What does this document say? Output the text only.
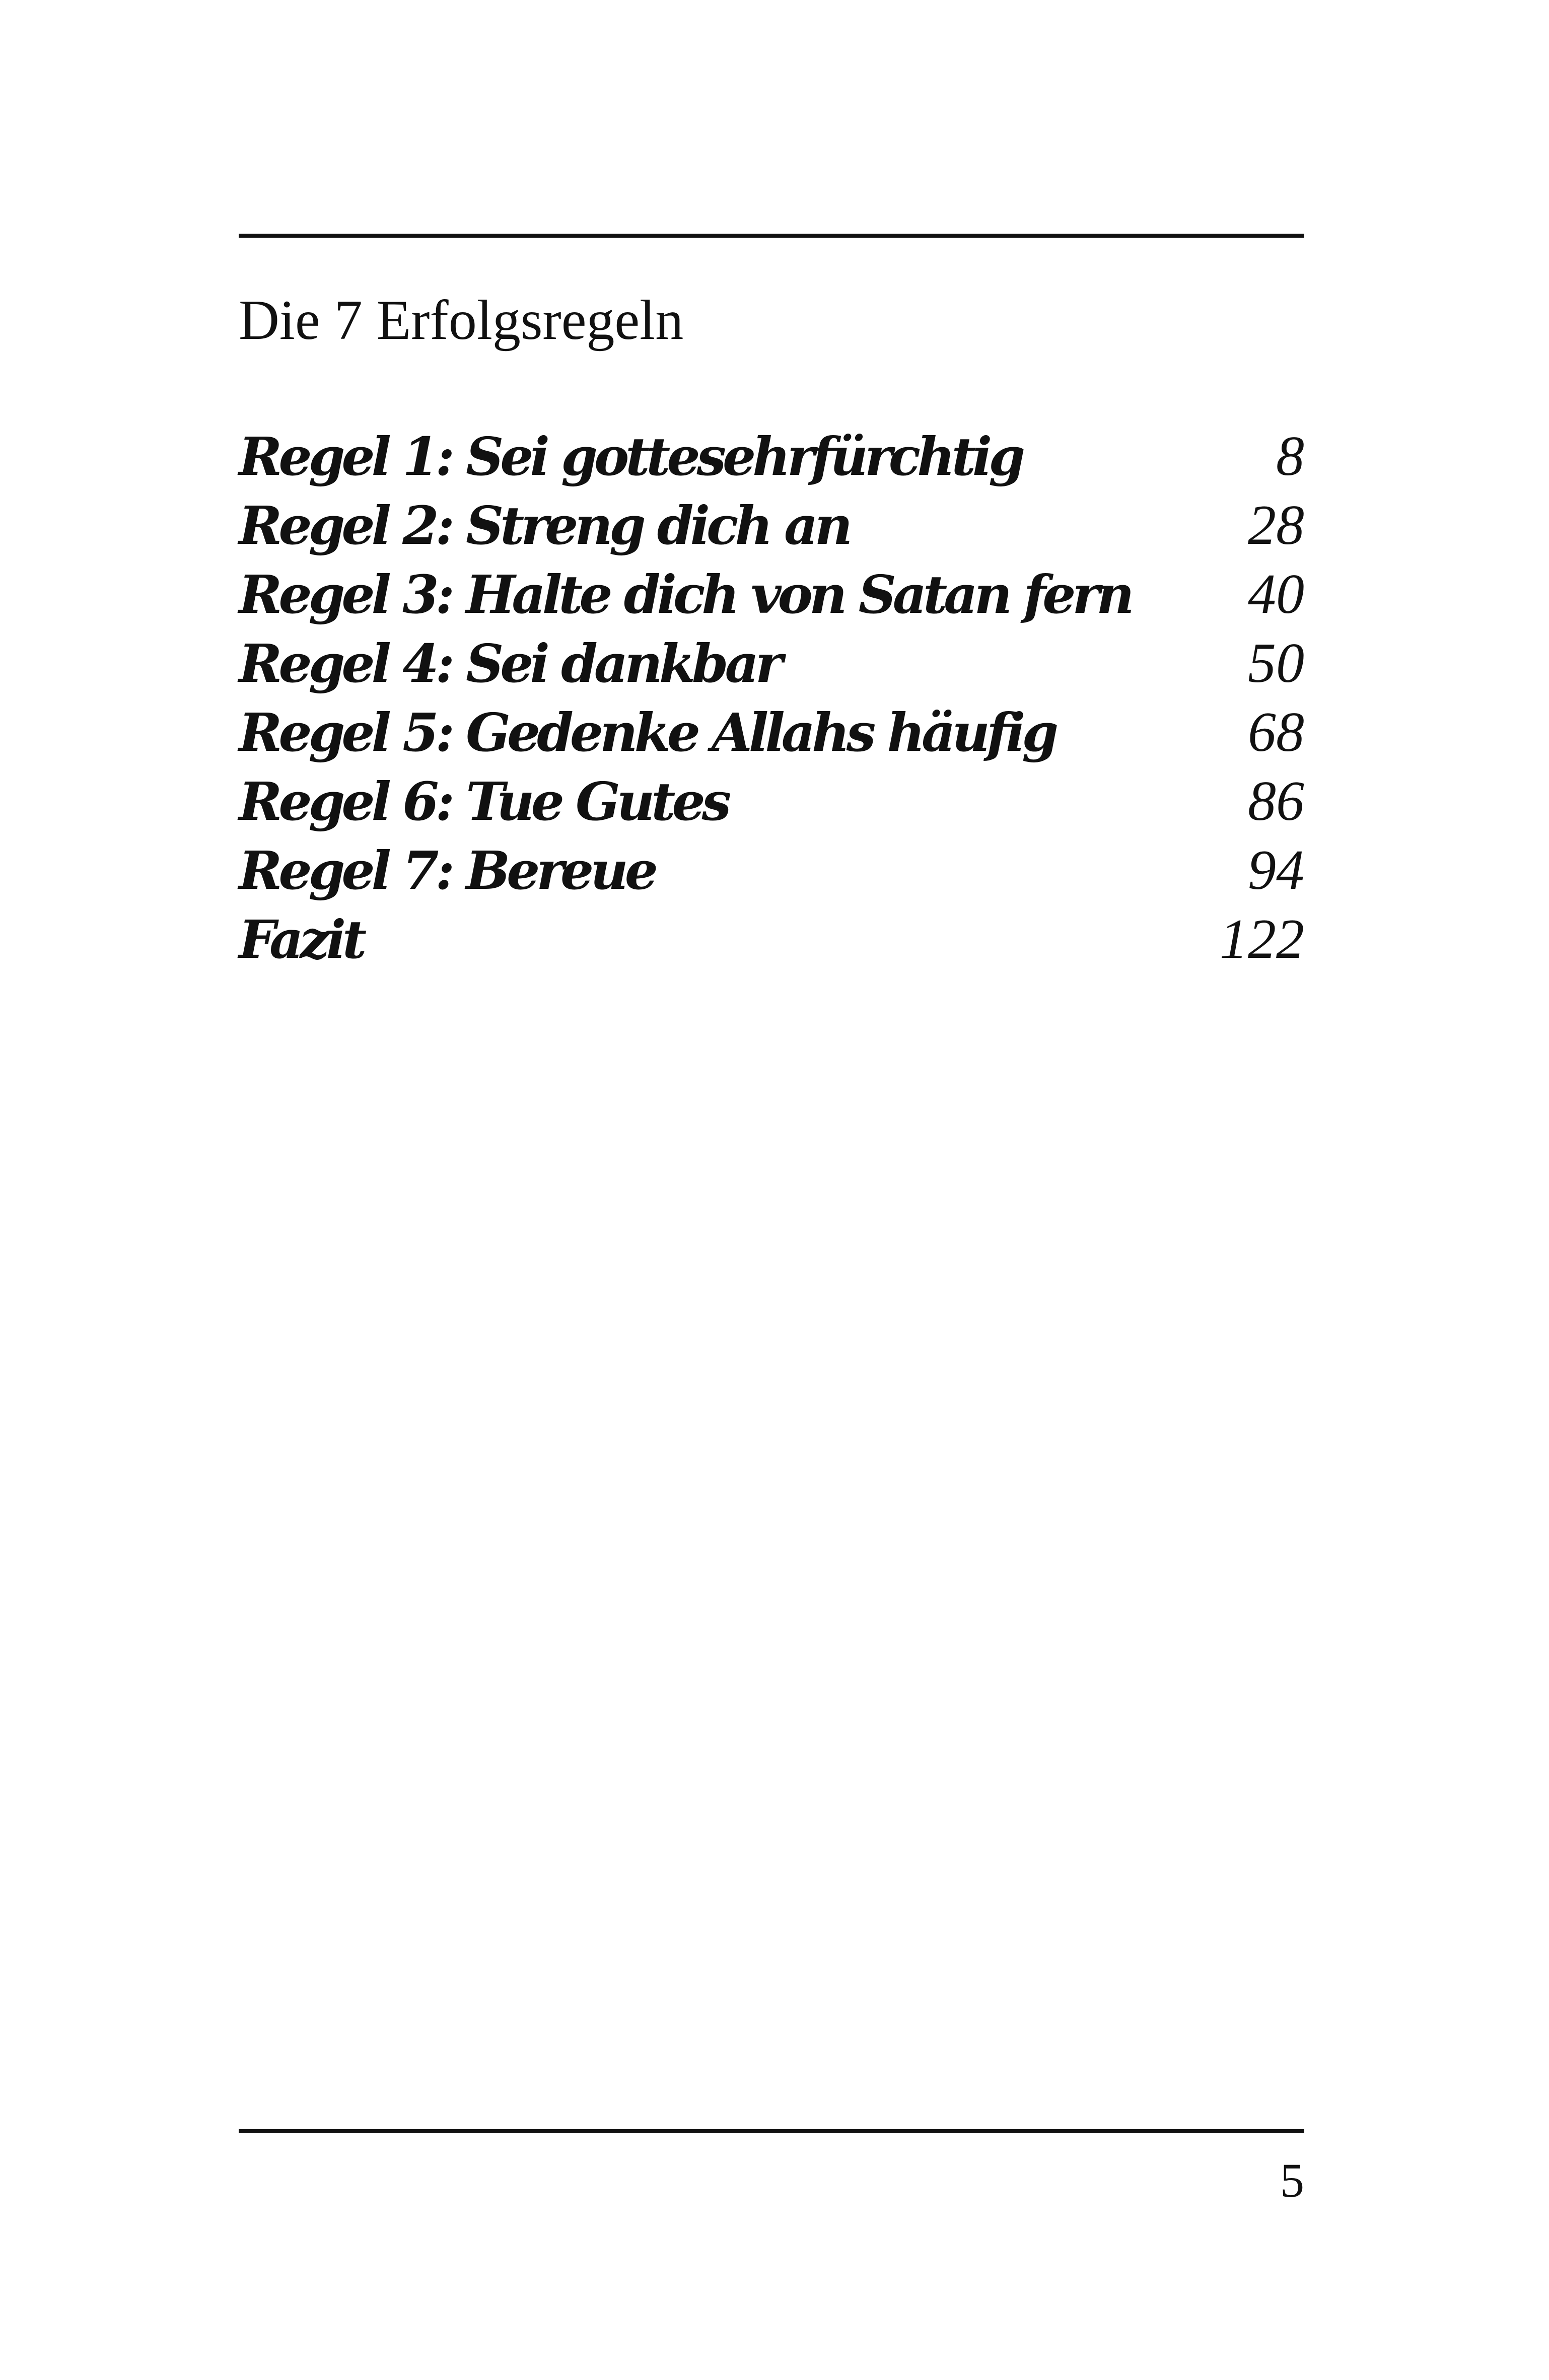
Die 7 Erfolgsregeln
Regel 1: Sei gottesehrfürchtig	8
Regel 2: Streng dich an	28
Regel 3: Halte dich von Satan fern 40
Regel 4: Sei dankbar	50
Regel 5: Gedenke Allahs häufig	68
Regel 6: Tue Gutes	86
Regel 7: Bereue	94
Fazit	122
5
